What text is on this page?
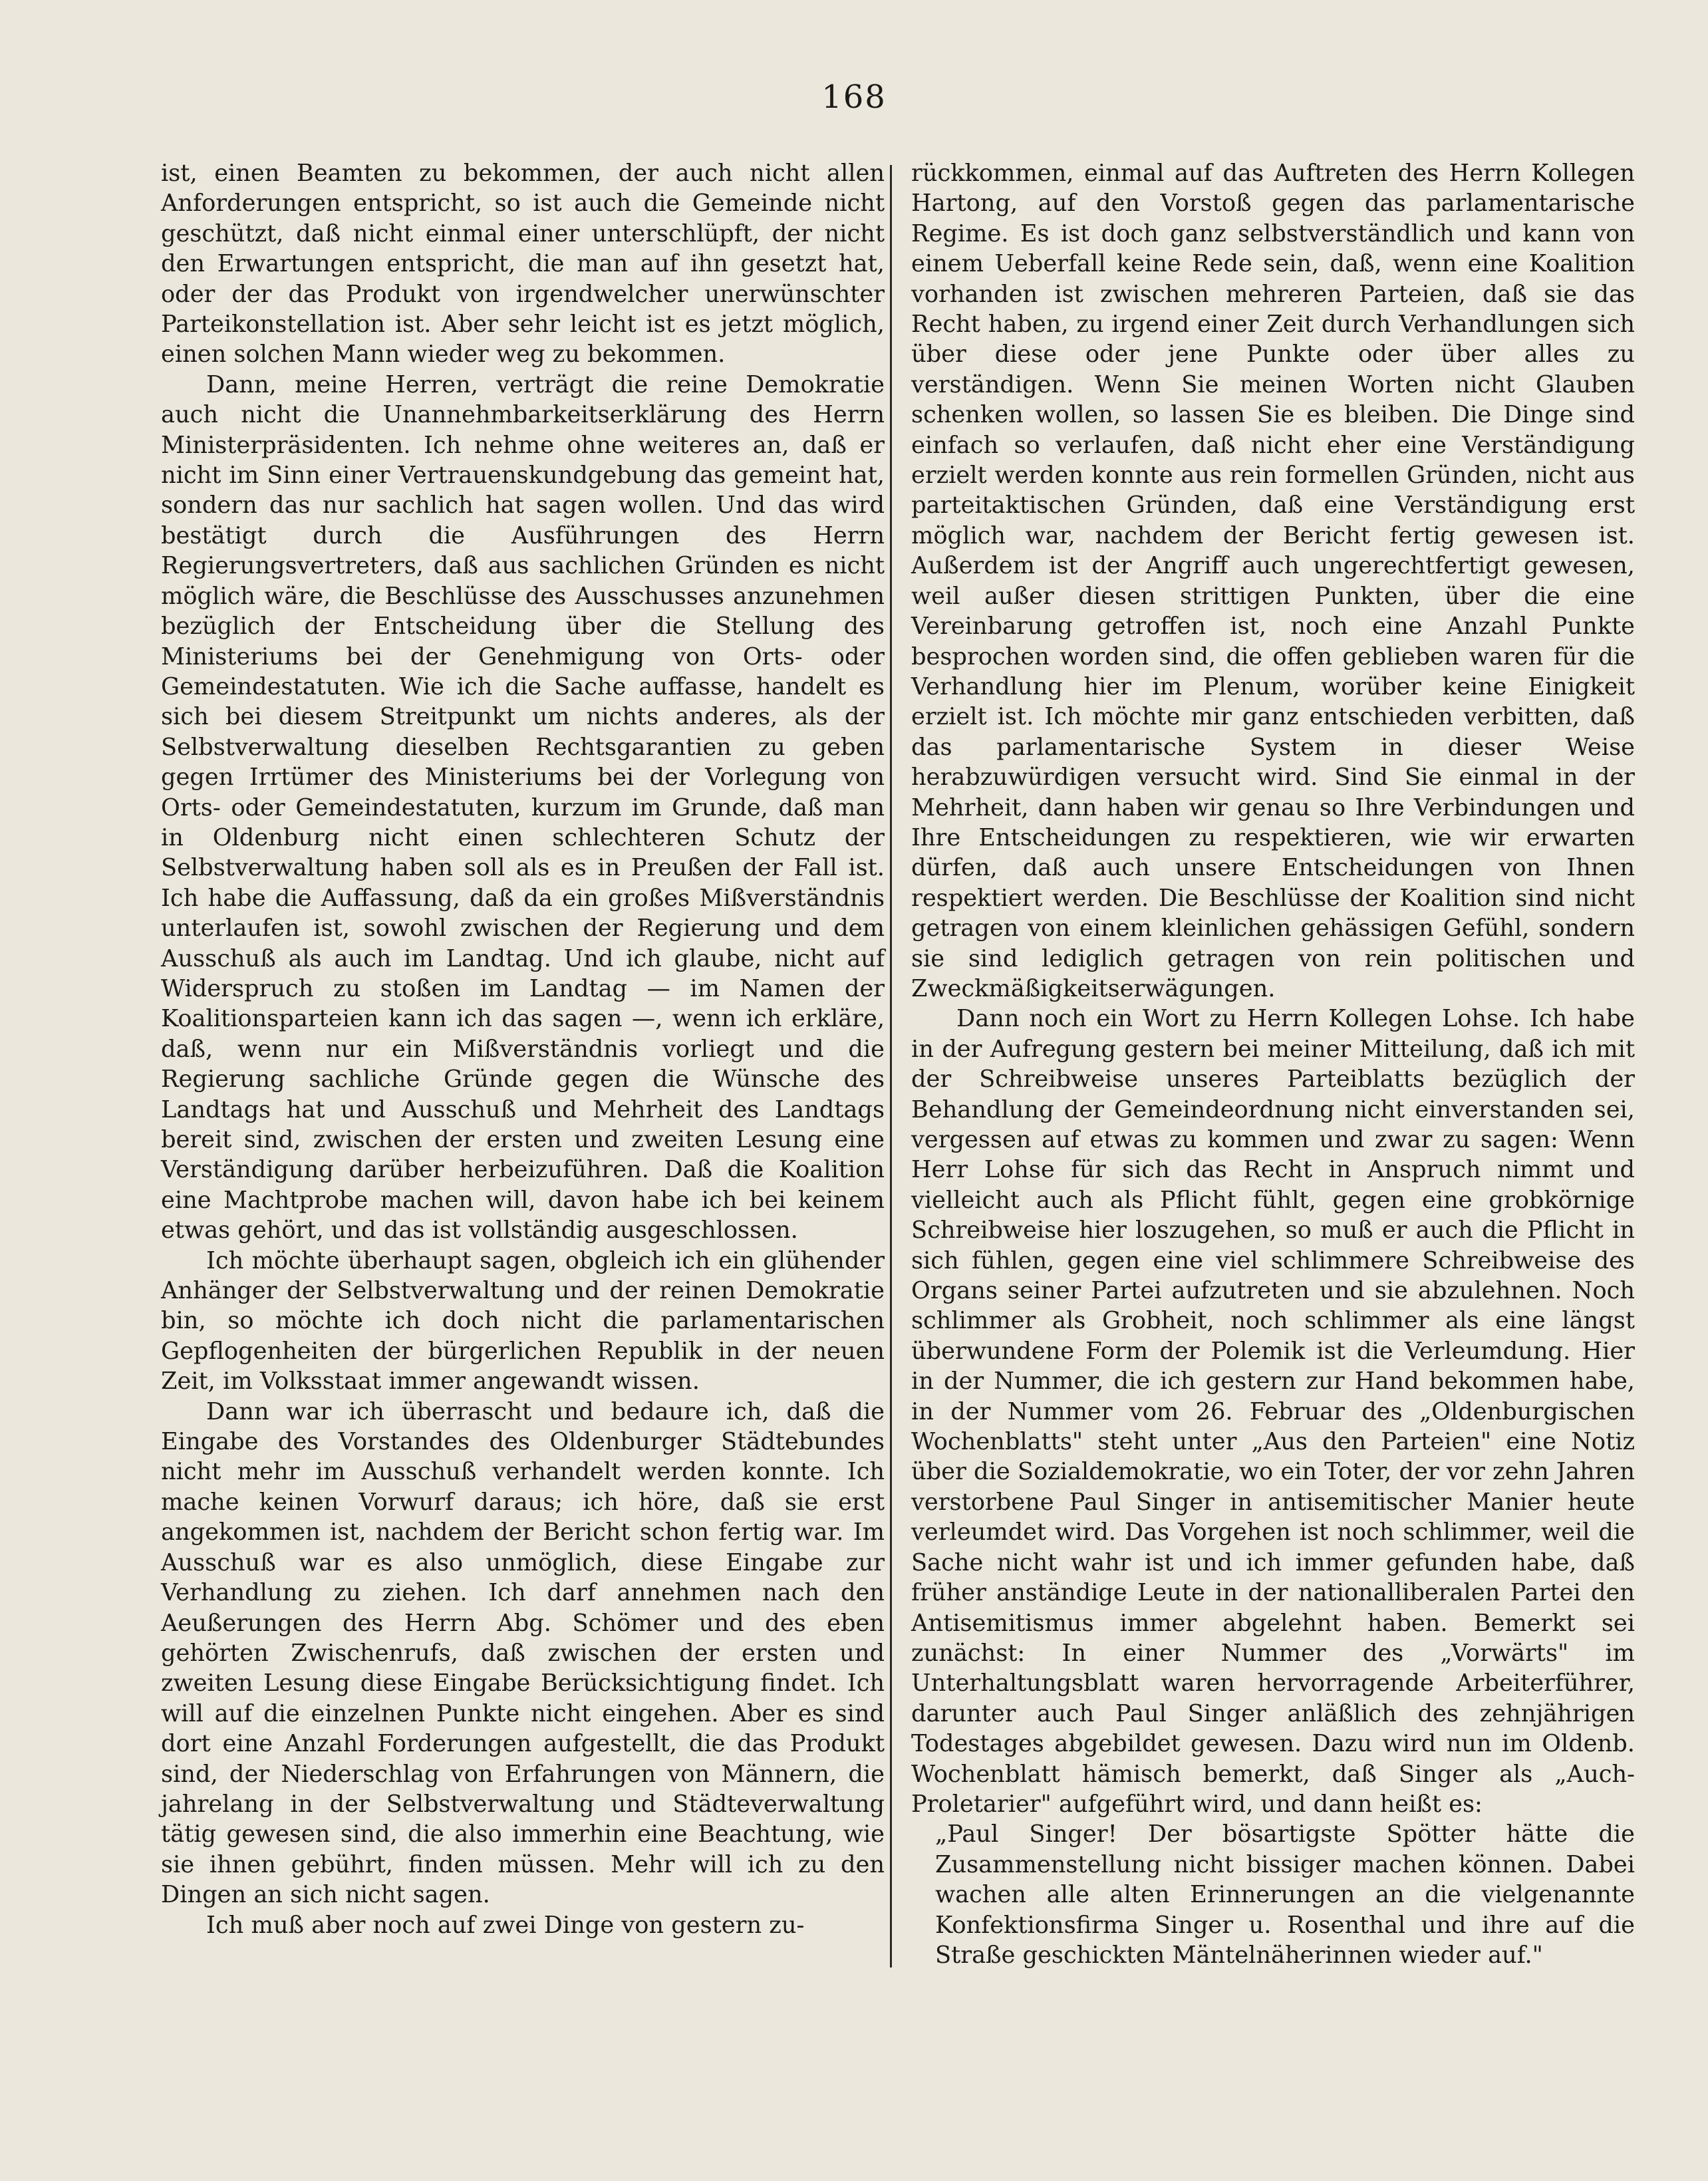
168

ist, einen Beamten zu bekommen, der auch nicht allen Anforderungen entspricht, so ist auch die Gemeinde nicht geschützt, daß nicht einmal einer unterschlüpft, der nicht den Erwartungen entspricht, die man auf ihn gesetzt hat, oder der das Produkt von irgendwelcher unerwünschter Parteikonstellation ist. Aber sehr leicht ist es jetzt möglich, einen solchen Mann wieder weg zu bekommen.

Dann, meine Herren, verträgt die reine Demokratie auch nicht die Unannehmbarkeitserklärung des Herrn Ministerpräsidenten. Ich nehme ohne weiteres an, daß er nicht im Sinn einer Vertrauenskundgebung das gemeint hat, sondern das nur sachlich hat sagen wollen. Und das wird bestätigt durch die Ausführungen des Herrn Regierungsvertreters, daß aus sachlichen Gründen es nicht möglich wäre, die Beschlüsse des Ausschusses anzunehmen bezüglich der Entscheidung über die Stellung des Ministeriums bei der Genehmigung von Orts- oder Gemeindestatuten. Wie ich die Sache auffasse, handelt es sich bei diesem Streitpunkt um nichts anderes, als der Selbstverwaltung dieselben Rechtsgarantien zu geben gegen Irrtümer des Ministeriums bei der Vorlegung von Orts- oder Gemeindestatuten, kurzum im Grunde, daß man in Oldenburg nicht einen schlechteren Schutz der Selbstverwaltung haben soll als es in Preußen der Fall ist. Ich habe die Auffassung, daß da ein großes Mißverständnis unterlaufen ist, sowohl zwischen der Regierung und dem Ausschuß als auch im Landtag. Und ich glaube, nicht auf Widerspruch zu stoßen im Landtag — im Namen der Koalitionsparteien kann ich das sagen —, wenn ich erkläre, daß, wenn nur ein Mißverständnis vorliegt und die Regierung sachliche Gründe gegen die Wünsche des Landtags hat und Ausschuß und Mehrheit des Landtags bereit sind, zwischen der ersten und zweiten Lesung eine Verständigung darüber herbeizuführen. Daß die Koalition eine Machtprobe machen will, davon habe ich bei keinem etwas gehört, und das ist vollständig ausgeschlossen.

Ich möchte überhaupt sagen, obgleich ich ein glühender Anhänger der Selbstverwaltung und der reinen Demokratie bin, so möchte ich doch nicht die parlamentarischen Gepflogenheiten der bürgerlichen Republik in der neuen Zeit, im Volksstaat immer angewandt wissen.

Dann war ich überrascht und bedaure ich, daß die Eingabe des Vorstandes des Oldenburger Städtebundes nicht mehr im Ausschuß verhandelt werden konnte. Ich mache keinen Vorwurf daraus; ich höre, daß sie erst angekommen ist, nachdem der Bericht schon fertig war. Im Ausschuß war es also unmöglich, diese Eingabe zur Verhandlung zu ziehen. Ich darf annehmen nach den Aeußerungen des Herrn Abg. Schömer und des eben gehörten Zwischenrufs, daß zwischen der ersten und zweiten Lesung diese Eingabe Berücksichtigung findet. Ich will auf die einzelnen Punkte nicht eingehen. Aber es sind dort eine Anzahl Forderungen aufgestellt, die das Produkt sind, der Niederschlag von Erfahrungen von Männern, die jahrelang in der Selbstverwaltung und Städteverwaltung tätig gewesen sind, die also immerhin eine Beachtung, wie sie ihnen gebührt, finden müssen. Mehr will ich zu den Dingen an sich nicht sagen.

Ich muß aber noch auf zwei Dinge von gestern zu-

rückkommen, einmal auf das Auftreten des Herrn Kollegen Hartong, auf den Vorstoß gegen das parlamentarische Regime. Es ist doch ganz selbstverständlich und kann von einem Ueberfall keine Rede sein, daß, wenn eine Koalition vorhanden ist zwischen mehreren Parteien, daß sie das Recht haben, zu irgend einer Zeit durch Verhandlungen sich über diese oder jene Punkte oder über alles zu verständigen. Wenn Sie meinen Worten nicht Glauben schenken wollen, so lassen Sie es bleiben. Die Dinge sind einfach so verlaufen, daß nicht eher eine Verständigung erzielt werden konnte aus rein formellen Gründen, nicht aus parteitaktischen Gründen, daß eine Verständigung erst möglich war, nachdem der Bericht fertig gewesen ist. Außerdem ist der Angriff auch ungerechtfertigt gewesen, weil außer diesen strittigen Punkten, über die eine Vereinbarung getroffen ist, noch eine Anzahl Punkte besprochen worden sind, die offen geblieben waren für die Verhandlung hier im Plenum, worüber keine Einigkeit erzielt ist. Ich möchte mir ganz entschieden verbitten, daß das parlamentarische System in dieser Weise herabzuwürdigen versucht wird. Sind Sie einmal in der Mehrheit, dann haben wir genau so Ihre Verbindungen und Ihre Entscheidungen zu respektieren, wie wir erwarten dürfen, daß auch unsere Entscheidungen von Ihnen respektiert werden. Die Beschlüsse der Koalition sind nicht getragen von einem kleinlichen gehässigen Gefühl, sondern sie sind lediglich getragen von rein politischen und Zweckmäßigkeitserwägungen.

Dann noch ein Wort zu Herrn Kollegen Lohse. Ich habe in der Aufregung gestern bei meiner Mitteilung, daß ich mit der Schreibweise unseres Parteiblatts bezüglich der Behandlung der Gemeindeordnung nicht einverstanden sei, vergessen auf etwas zu kommen und zwar zu sagen: Wenn Herr Lohse für sich das Recht in Anspruch nimmt und vielleicht auch als Pflicht fühlt, gegen eine grobkörnige Schreibweise hier loszugehen, so muß er auch die Pflicht in sich fühlen, gegen eine viel schlimmere Schreibweise des Organs seiner Partei aufzutreten und sie abzulehnen. Noch schlimmer als Grobheit, noch schlimmer als eine längst überwundene Form der Polemik ist die Verleumdung. Hier in der Nummer, die ich gestern zur Hand bekommen habe, in der Nummer vom 26. Februar des „Oldenburgischen Wochenblatts" steht unter „Aus den Parteien" eine Notiz über die Sozialdemokratie, wo ein Toter, der vor zehn Jahren verstorbene Paul Singer in antisemitischer Manier heute verleumdet wird. Das Vorgehen ist noch schlimmer, weil die Sache nicht wahr ist und ich immer gefunden habe, daß früher anständige Leute in der nationalliberalen Partei den Antisemitismus immer abgelehnt haben. Bemerkt sei zunächst: In einer Nummer des „Vorwärts" im Unterhaltungsblatt waren hervorragende Arbeiterführer, darunter auch Paul Singer anläßlich des zehnjährigen Todestages abgebildet gewesen. Dazu wird nun im Oldenb. Wochenblatt hämisch bemerkt, daß Singer als „Auch-Proletarier" aufgeführt wird, und dann heißt es:

„Paul Singer! Der bösartigste Spötter hätte die Zusammenstellung nicht bissiger machen können. Dabei wachen alle alten Erinnerungen an die vielgenannte Konfektionsfirma Singer u. Rosenthal und ihre auf die Straße geschickten Mäntelnäherinnen wieder auf."
